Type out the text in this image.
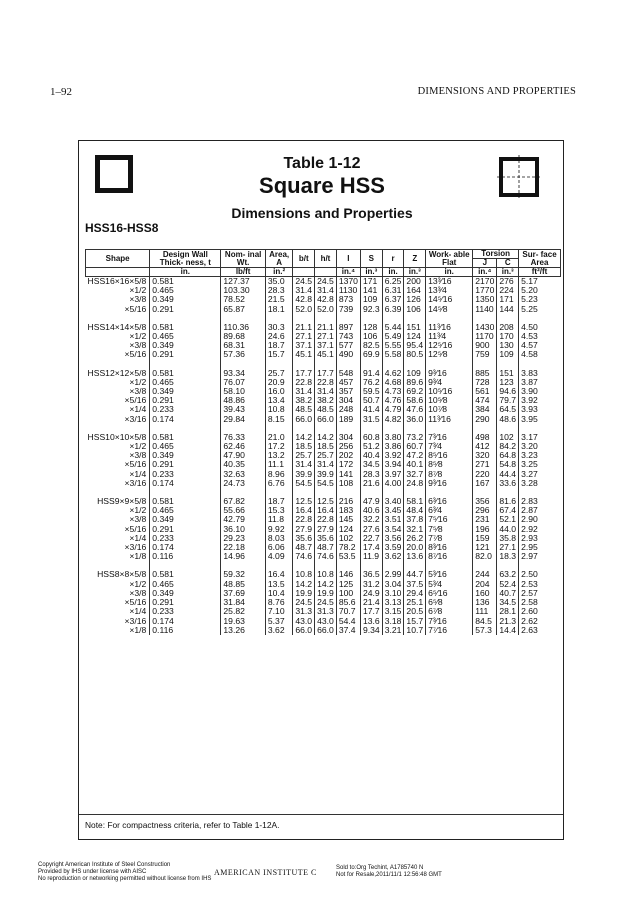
1–92	DIMENSIONS AND PROPERTIES
Table 1-12
Square HSS
Dimensions and Properties
HSS16-HSS8
Shape	Design Wall Thick- ness, t	Nom- inal Wt.	Area, A	b/t	h/t	I	S	r	Z	Work- able Flat	Torsion		Sur- face Area
											J	C	
	in.	lb/ft	in.²			in.⁴	in.³	in.	in.³	in.	in.⁴	in.³	ft²/ft
HSS16×16×5/8	0.581	127.37	35.0	24.5	24.5	1370	171	6.25	200	13³⁄16	2170	276	5.17
×1/2	0.465	103.30	28.3	31.4	31.4	1130	141	6.31	164	13³⁄4	1770	224	5.20
×3/8	0.349	78.52	21.5	42.8	42.8	873	109	6.37	126	14⁵⁄16	1350	171	5.23
×5/16	0.291	65.87	18.1	52.0	52.0	739	92.3	6.39	106	14⁵⁄8	1140	144	5.25

HSS14×14×5/8	0.581	110.36	30.3	21.1	21.1	897	128	5.44	151	11³⁄16	1430	208	4.50
×1/2	0.465	89.68	24.6	27.1	27.1	743	106	5.49	124	11³⁄4	1170	170	4.53
×3/8	0.349	68.31	18.7	37.1	37.1	577	82.5	5.55	95.4	12⁵⁄16	900	130	4.57
×5/16	0.291	57.36	15.7	45.1	45.1	490	69.9	5.58	80.5	12⁵⁄8	759	109	4.58

HSS12×12×5/8	0.581	93.34	25.7	17.7	17.7	548	91.4	4.62	109	9³⁄16	885	151	3.83
×1/2	0.465	76.07	20.9	22.8	22.8	457	76.2	4.68	89.6	9³⁄4	728	123	3.87
×3/8	0.349	58.10	16.0	31.4	31.4	357	59.5	4.73	69.2	10⁵⁄16	561	94.6	3.90
×5/16	0.291	48.86	13.4	38.2	38.2	304	50.7	4.76	58.6	10⁵⁄8	474	79.7	3.92
×1/4	0.233	39.43	10.8	48.5	48.5	248	41.4	4.79	47.6	10⁷⁄8	384	64.5	3.93
×3/16	0.174	29.84	8.15	66.0	66.0	189	31.5	4.82	36.0	11³⁄16	290	48.6	3.95

HSS10×10×5/8	0.581	76.33	21.0	14.2	14.2	304	60.8	3.80	73.2	7³⁄16	498	102	3.17
×1/2	0.465	62.46	17.2	18.5	18.5	256	51.2	3.86	60.7	7³⁄4	412	84.2	3.20
×3/8	0.349	47.90	13.2	25.7	25.7	202	40.4	3.92	47.2	8⁵⁄16	320	64.8	3.23
×5/16	0.291	40.35	11.1	31.4	31.4	172	34.5	3.94	40.1	8⁵⁄8	271	54.8	3.25
×1/4	0.233	32.63	8.96	39.9	39.9	141	28.3	3.97	32.7	8⁷⁄8	220	44.4	3.27
×3/16	0.174	24.73	6.76	54.5	54.5	108	21.6	4.00	24.8	9³⁄16	167	33.6	3.28

HSS9×9×5/8	0.581	67.82	18.7	12.5	12.5	216	47.9	3.40	58.1	6³⁄16	356	81.6	2.83
×1/2	0.465	55.66	15.3	16.4	16.4	183	40.6	3.45	48.4	6³⁄4	296	67.4	2.87
×3/8	0.349	42.79	11.8	22.8	22.8	145	32.2	3.51	37.8	7⁵⁄16	231	52.1	2.90
×5/16	0.291	36.10	9.92	27.9	27.9	124	27.6	3.54	32.1	7⁵⁄8	196	44.0	2.92
×1/4	0.233	29.23	8.03	35.6	35.6	102	22.7	3.56	26.2	7⁷⁄8	159	35.8	2.93
×3/16	0.174	22.18	6.06	48.7	48.7	78.2	17.4	3.59	20.0	8³⁄16	121	27.1	2.95
×1/8	0.116	14.96	4.09	74.6	74.6	53.5	11.9	3.62	13.6	8⁷⁄16	82.0	18.3	2.97

HSS8×8×5/8	0.581	59.32	16.4	10.8	10.8	146	36.5	2.99	44.7	5³⁄16	244	63.2	2.50
×1/2	0.465	48.85	13.5	14.2	14.2	125	31.2	3.04	37.5	5³⁄4	204	52.4	2.53
×3/8	0.349	37.69	10.4	19.9	19.9	100	24.9	3.10	29.4	6⁵⁄16	160	40.7	2.57
×5/16	0.291	31.84	8.76	24.5	24.5	85.6	21.4	3.13	25.1	6⁵⁄8	136	34.5	2.58
×1/4	0.233	25.82	7.10	31.3	31.3	70.7	17.7	3.15	20.5	6⁷⁄8	111	28.1	2.60
×3/16	0.174	19.63	5.37	43.0	43.0	54.4	13.6	3.18	15.7	7³⁄16	84.5	21.3	2.62
×1/8	0.116	13.26	3.62	66.0	66.0	37.4	9.34	3.21	10.7	7⁷⁄16	57.3	14.4	2.63
Note: For compactness criteria, refer to Table 1-12A.
Copyright American Institute of Steel Construction
Provided by IHS under license with AISC
No reproduction or networking permitted without license from IHS
AMERICAN INSTITUTE C	Sold to:Org Techint, A1785740 N
Not for Resale,2011/11/1 12:56:48 GMT
